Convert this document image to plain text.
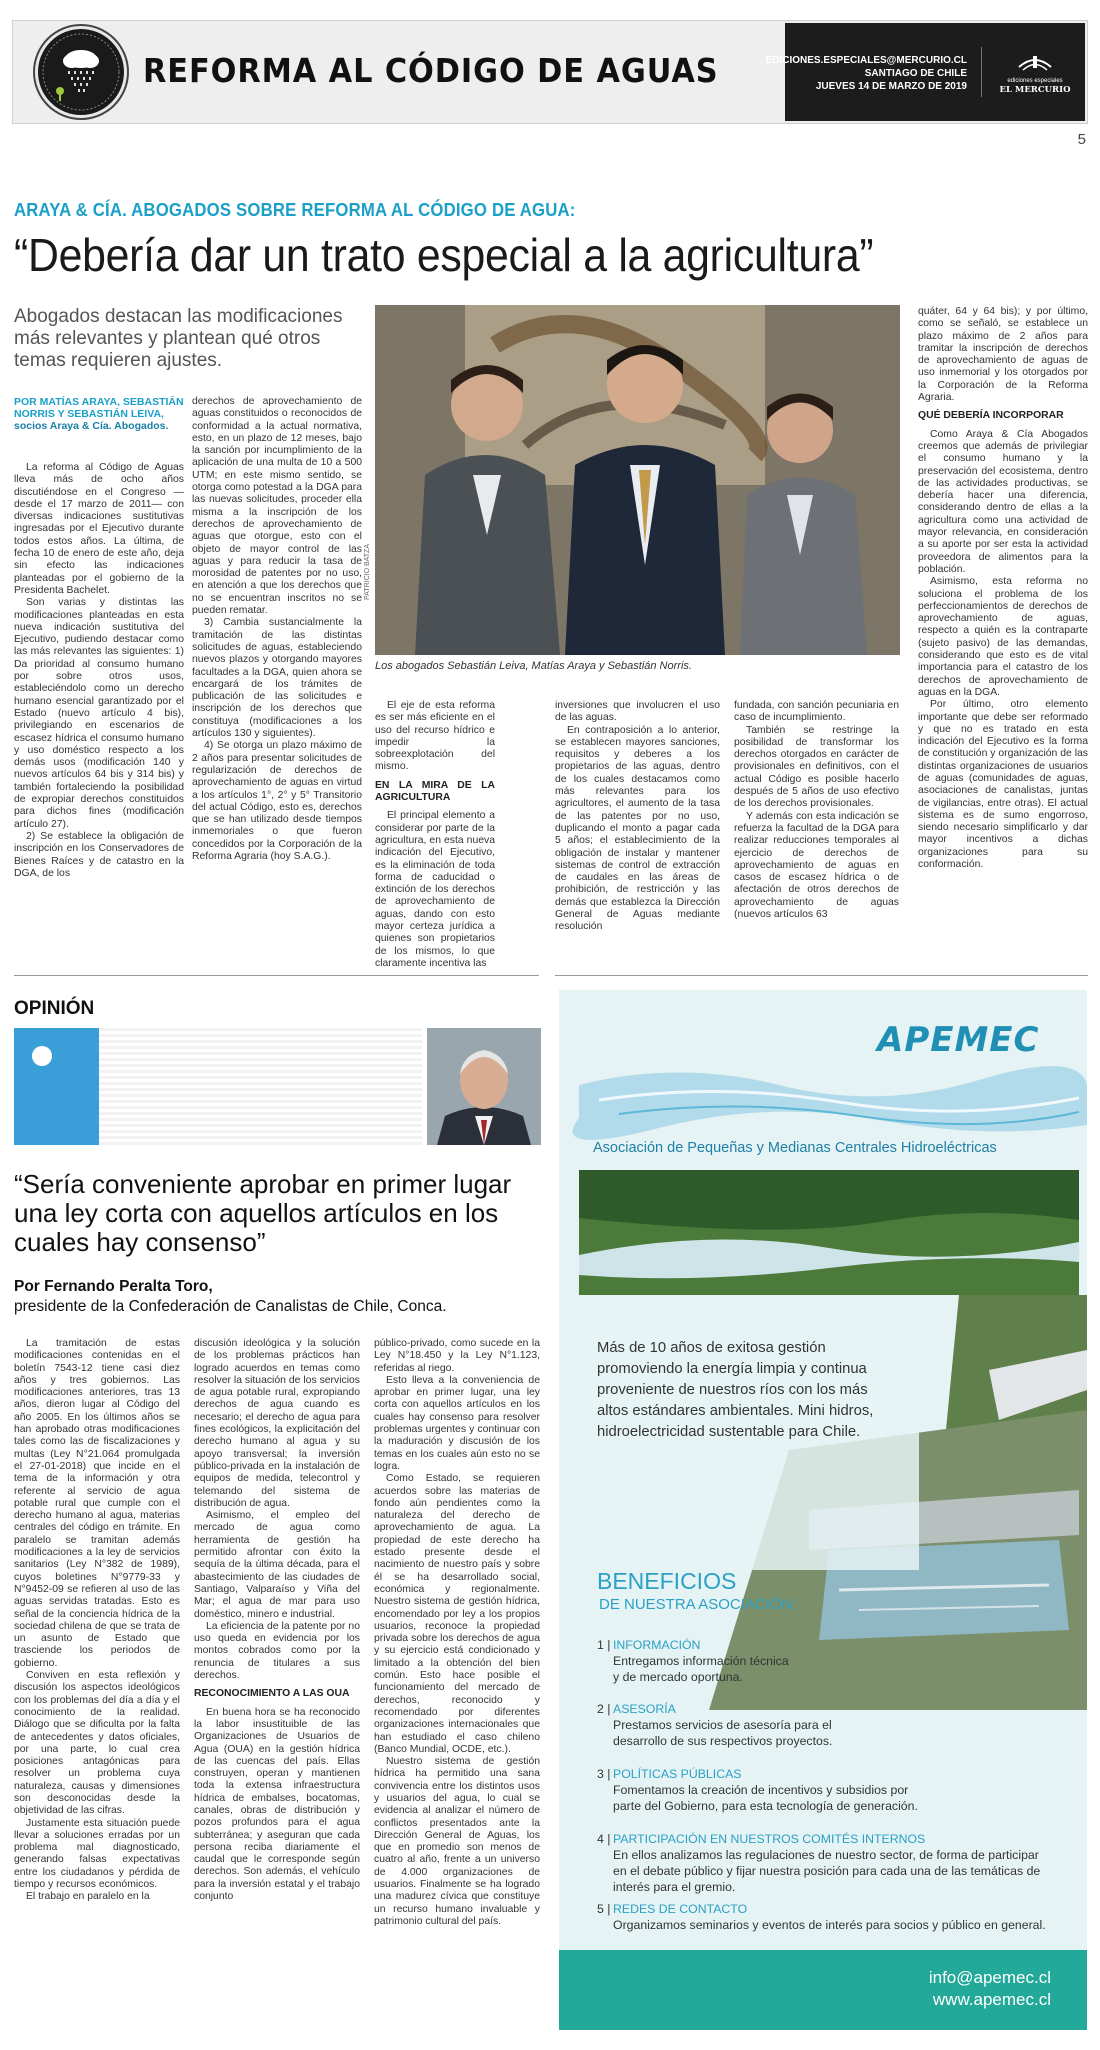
REFORMA AL CÓDIGO DE AGUAS	EDICIONES.ESPECIALES@MERCURIO.CL
SANTIAGO DE CHILE
JUEVES 14 DE MARZO DE 2019	ediciones especiales
EL MERCURIO
5
ARAYA & CÍA. ABOGADOS SOBRE REFORMA AL CÓDIGO DE AGUA:
“Debería dar un trato especial a la agricultura”
Abogados destacan las modificaciones más relevantes y plantean qué otros temas requieren ajustes.
POR MATÍAS ARAYA, SEBASTIÁN NORRIS Y SEBASTIÁN LEIVA,
socios Araya & Cía. Abogados.

La reforma al Código de Aguas lleva más de ocho años discutiéndose en el Congreso —desde el 17 marzo de 2011— con diversas indicaciones sustitutivas ingresadas por el Ejecutivo durante todos estos años. La última, de fecha 10 de enero de este año, deja sin efecto las indicaciones planteadas por el gobierno de la Presidenta Bachelet.

Son varias y distintas las modificaciones planteadas en esta nueva indicación sustitutiva del Ejecutivo, pudiendo destacar como las más relevantes las siguientes: 1) Da prioridad al consumo humano por sobre otros usos, estableciéndolo como un derecho humano esencial garantizado por el Estado (nuevo artículo 4 bis), privilegiando en escenarios de escasez hídrica el consumo humano y uso doméstico respecto a los demás usos (modificación 140 y nuevos artículos 64 bis y 314 bis) y también fortaleciendo la posibilidad de expropiar derechos constituidos para dichos fines (modificación artículo 27).

2) Se establece la obligación de inscripción en los Conservadores de Bienes Raíces y de catastro en la DGA, de los

derechos de aprovechamiento de aguas constituidos o reconocidos de conformidad a la actual normativa, esto, en un plazo de 12 meses, bajo la sanción por incumplimiento de la aplicación de una multa de 10 a 500 UTM; en este mismo sentido, se otorga como potestad a la DGA para las nuevas solicitudes, proceder ella misma a la inscripción de los derechos de aprovechamiento de aguas que otorgue, esto con el objeto de mayor control de las aguas y para reducir la tasa de morosidad de patentes por no uso, en atención a que los derechos que no se encuentran inscritos no se pueden rematar.

3) Cambia sustancialmente la tramitación de las distintas solicitudes de aguas, estableciendo nuevos plazos y otorgando mayores facultades a la DGA, quien ahora se encargará de los trámites de publicación de las solicitudes e inscripción de los derechos que constituya (modificaciones a los artículos 130 y siguientes).

4) Se otorga un plazo máximo de 2 años para presentar solicitudes de regularización de derechos de aprovechamiento de aguas en virtud a los artículos 1°, 2° y 5° Transitorio del actual Código, esto es, derechos que se han utilizado desde tiempos inmemoriales o que fueron concedidos por la Corporación de la Reforma Agraria (hoy S.A.G.).

PATRICIO BATZA
Los abogados Sebastián Leiva, Matías Araya y Sebastián Norris.

El eje de esta reforma es ser más eficiente en el uso del recurso hídrico e impedir la sobreexplotación del mismo.

EN LA MIRA DE LA AGRICULTURA

El principal elemento a considerar por parte de la agricultura, en esta nueva indicación del Ejecutivo, es la eliminación de toda forma de caducidad o extinción de los derechos de aprovechamiento de aguas, dando con esto mayor certeza jurídica a quienes son propietarios de los mismos, lo que claramente incentiva las

inversiones que involucren el uso de las aguas.

En contraposición a lo anterior, se establecen mayores sanciones, requisitos y deberes a los propietarios de las aguas, dentro de los cuales destacamos como más relevantes para los agricultores, el aumento de la tasa de las patentes por no uso, duplicando el monto a pagar cada 5 años; el establecimiento de la obligación de instalar y mantener sistemas de control de extracción de caudales en las áreas de prohibición, de restricción y las demás que establezca la Dirección General de Aguas mediante resolución

fundada, con sanción pecuniaria en caso de incumplimiento.

También se restringe la posibilidad de transformar los derechos otorgados en carácter de provisionales en definitivos, con el actual Código es posible hacerlo después de 5 años de uso efectivo de los derechos provisionales.

Y además con esta indicación se refuerza la facultad de la DGA para realizar reducciones temporales al ejercicio de derechos de aprovechamiento de aguas en casos de escasez hídrica o de afectación de otros derechos de aprovechamiento de aguas (nuevos artículos 63

quáter, 64 y 64 bis); y por último, como se señaló, se establece un plazo máximo de 2 años para tramitar la inscripción de derechos de aprovechamiento de aguas de uso inmemorial y los otorgados por la Corporación de la Reforma Agraria.

QUÉ DEBERÍA INCORPORAR

Como Araya & Cía Abogados creemos que además de privilegiar el consumo humano y la preservación del ecosistema, dentro de las actividades productivas, se debería hacer una diferencia, considerando dentro de ellas a la agricultura como una actividad de mayor relevancia, en consideración a su aporte por ser esta la actividad proveedora de alimentos para la población.

Asimismo, esta reforma no soluciona el problema de los perfeccionamientos de derechos de aprovechamiento de aguas, respecto a quién es la contraparte (sujeto pasivo) de las demandas, considerando que esto es de vital importancia para el catastro de los derechos de aprovechamiento de aguas en la DGA.

Por último, otro elemento importante que debe ser reformado y que no es tratado en esta indicación del Ejecutivo es la forma de constitución y organización de las distintas organizaciones de usuarios de aguas (comunidades de aguas, asociaciones de canalistas, juntas de vigilancias, entre otras). El actual sistema es de sumo engorroso, siendo necesario simplificarlo y dar mayor incentivos a dichas organizaciones para su conformación.

OPINIÓN
“Sería conveniente aprobar en primer lugar una ley corta con aquellos artículos en los cuales hay consenso”
Por Fernando Peralta Toro,
presidente de la Confederación de Canalistas de Chile, Conca.

La tramitación de estas modificaciones contenidas en el boletín 7543-12 tiene casi diez años y tres gobiernos. Las modificaciones anteriores, tras 13 años, dieron lugar al Código del año 2005. En los últimos años se han aprobado otras modificaciones tales como las de fiscalizaciones y multas (Ley N°21.064 promulgada el 27-01-2018) que incide en el tema de la información y otra referente al servicio de agua potable rural que cumple con el derecho humano al agua, materias centrales del código en trámite. En paralelo se tramitan además modificaciones a la ley de servicios sanitarios (Ley N°382 de 1989), cuyos boletines N°9779-33 y N°9452-09 se refieren al uso de las aguas servidas tratadas. Esto es señal de la conciencia hídrica de la sociedad chilena de que se trata de un asunto de Estado que trasciende los periodos de gobierno.

Conviven en esta reflexión y discusión los aspectos ideológicos con los problemas del día a día y el conocimiento de la realidad. Diálogo que se dificulta por la falta de antecedentes y datos oficiales, por una parte, lo cual crea posiciones antagónicas para resolver un problema cuya naturaleza, causas y dimensiones son desconocidas desde la objetividad de las cifras.

Justamente esta situación puede llevar a soluciones erradas por un problema mal diagnosticado, generando falsas expectativas entre los ciudadanos y pérdida de tiempo y recursos económicos.

El trabajo en paralelo en la

discusión ideológica y la solución de los problemas prácticos han logrado acuerdos en temas como resolver la situación de los servicios de agua potable rural, expropiando derechos de agua cuando es necesario; el derecho de agua para fines ecológicos, la explicitación del derecho humano al agua y su apoyo transversal; la inversión público-privada en la instalación de equipos de medida, telecontrol y telemando del sistema de distribución de agua.

Asimismo, el empleo del mercado de agua como herramienta de gestión ha permitido afrontar con éxito la sequía de la última década, para el abastecimiento de las ciudades de Santiago, Valparaíso y Viña del Mar; el agua de mar para uso doméstico, minero e industrial.

La eficiencia de la patente por no uso queda en evidencia por los montos cobrados como por la renuncia de titulares a sus derechos.

RECONOCIMIENTO A LAS OUA

En buena hora se ha reconocido la labor insustituible de las Organizaciones de Usuarios de Agua (OUA) en la gestión hídrica de las cuencas del país. Ellas construyen, operan y mantienen toda la extensa infraestructura hídrica de embalses, bocatomas, canales, obras de distribución y pozos profundos para el agua subterránea; y aseguran que cada persona reciba diariamente el caudal que le corresponde según derechos. Son además, el vehículo para la inversión estatal y el trabajo conjunto

público-privado, como sucede en la Ley N°18.450 y la Ley N°1.123, referidas al riego.

Esto lleva a la conveniencia de aprobar en primer lugar, una ley corta con aquellos artículos en los cuales hay consenso para resolver problemas urgentes y continuar con la maduración y discusión de los temas en los cuales aún esto no se logra.

Como Estado, se requieren acuerdos sobre las materias de fondo aún pendientes como la naturaleza del derecho de aprovechamiento de agua. La propiedad de este derecho ha estado presente desde el nacimiento de nuestro país y sobre él se ha desarrollado social, económica y regionalmente. Nuestro sistema de gestión hídrica, encomendado por ley a los propios usuarios, reconoce la propiedad privada sobre los derechos de agua y su ejercicio está condicionado y limitado a la obtención del bien común. Esto hace posible el funcionamiento del mercado de derechos, reconocido y recomendado por diferentes organizaciones internacionales que han estudiado el caso chileno (Banco Mundial, OCDE, etc.).

Nuestro sistema de gestión hídrica ha permitido una sana convivencia entre los distintos usos y usuarios del agua, lo cual se evidencia al analizar el número de conflictos presentados ante la Dirección General de Aguas, los que en promedio son menos de cuatro al año, frente a un universo de 4.000 organizaciones de usuarios. Finalmente se ha logrado una madurez cívica que constituye un recurso humano invaluable y patrimonio cultural del país.

APEMEC
Asociación de Pequeñas y Medianas Centrales Hidroeléctricas
Más de 10 años de exitosa gestión promoviendo la energía limpia y continua proveniente de nuestros ríos con los más altos estándares ambientales. Mini hidros, hidroelectricidad sustentable para Chile.
BENEFICIOS
DE NUESTRA ASOCIACIÓN:
1 | INFORMACIÓN
Entregamos información técnica y de mercado oportuna.
2 | ASESORÍA
Prestamos servicios de asesoría para el desarrollo de sus respectivos proyectos.
3 | POLÍTICAS PÚBLICAS
Fomentamos la creación de incentivos y subsidios por parte del Gobierno, para esta tecnología de generación.
4 | PARTICIPACIÓN EN NUESTROS COMITÉS INTERNOS
En ellos analizamos las regulaciones de nuestro sector, de forma de participar en el debate público y fijar nuestra posición para cada una de las temáticas de interés para el gremio.
5 | REDES DE CONTACTO
Organizamos seminarios y eventos de interés para socios y público en general.
info@apemec.cl
www.apemec.cl
